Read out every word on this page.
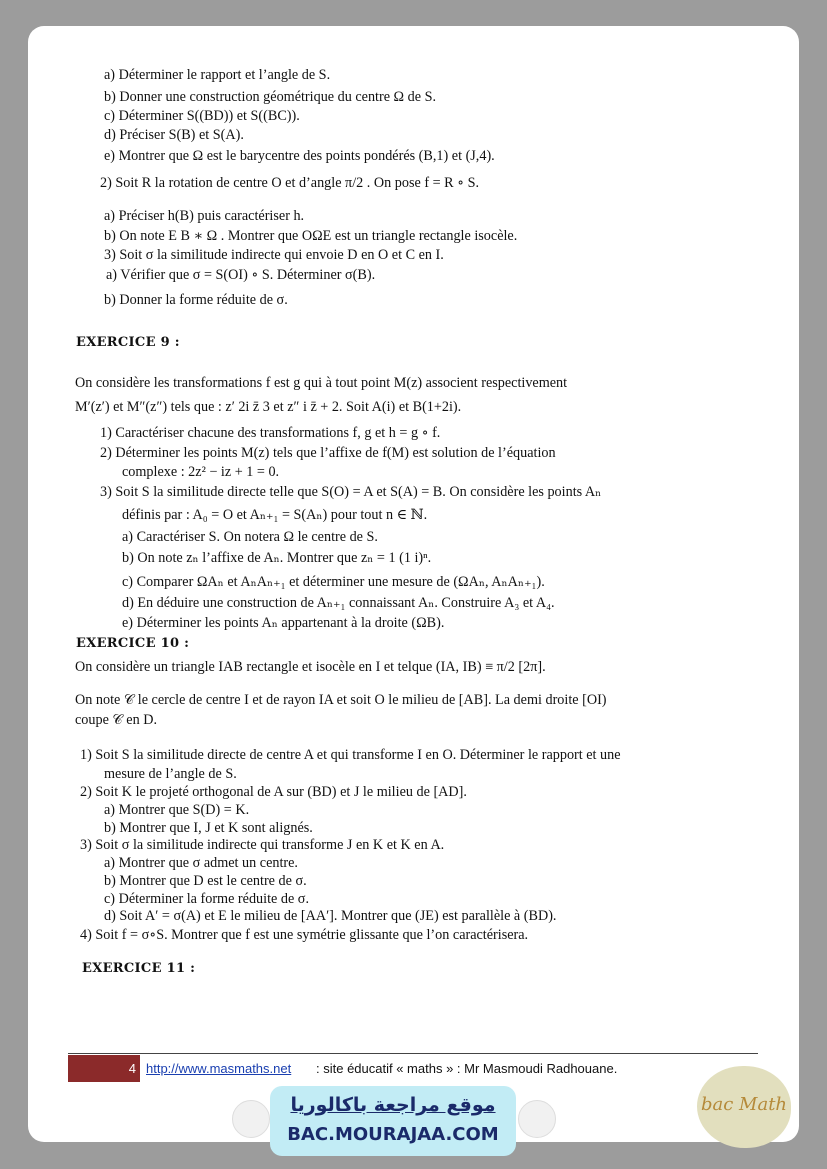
a) Déterminer le rapport et l’angle de S.
b) Donner une construction géométrique du centre Ω de S.
c) Déterminer S((BD)) et S((BC)).
d) Préciser S(B) et S(A).
e) Montrer que Ω est le barycentre des points pondérés (B,1) et (J,4).
2) Soit R la rotation de centre O et d’angle π/2 . On pose f = R ∘ S.
a) Préciser h(B) puis caractériser h.
b) On note E B ∗ Ω . Montrer que OΩE est un triangle rectangle isocèle.
3) Soit σ la similitude indirecte qui envoie D en O et C en I.
a) Vérifier que σ = S(OI) ∘ S. Déterminer σ(B).
b) Donner la forme réduite de σ.
On considère les transformations f est g qui à tout point M(z) associent respectivement
M′(z′) et M″(z″) tels que : z′ 2i z̄ 3 et z″ i z̄ + 2. Soit A(i) et B(1+2i).
1) Caractériser chacune des transformations f, g et h = g ∘ f.
2) Déterminer les points M(z) tels que l’affixe de f(M) est solution de l’équation
complexe : 2z² − iz + 1 = 0.
3) Soit S la similitude directe telle que S(O) = A et S(A) = B. On considère les points Aₙ
définis par : A₀ = O et Aₙ₊₁ = S(Aₙ) pour tout n ∈ ℕ.
a) Caractériser S. On notera Ω le centre de S.
b) On note zₙ l’affixe de Aₙ. Montrer que zₙ = 1 (1 i)ⁿ.
c) Comparer ΩAₙ et AₙAₙ₊₁ et déterminer une mesure de (ΩAₙ, AₙAₙ₊₁).
d) En déduire une construction de Aₙ₊₁ connaissant Aₙ. Construire A₃ et A₄.
e) Déterminer les points Aₙ appartenant à la droite (ΩB).
On considère un triangle IAB rectangle et isocèle en I et telque (IA, IB) ≡ π/2 [2π].
On note 𝒞 le cercle de centre I et de rayon IA et soit O le milieu de [AB]. La demi droite [OI)
coupe 𝒞 en D.
1) Soit S la similitude directe de centre A et qui transforme I en O. Déterminer le rapport et une
mesure de l’angle de S.
2) Soit K le projeté orthogonal de A sur (BD) et J le milieu de [AD].
a) Montrer que S(D) = K.
b) Montrer que I, J et K sont alignés.
3) Soit σ la similitude indirecte qui transforme J en K et K en A.
a) Montrer que σ admet un centre.
b) Montrer que D est le centre de σ.
c) Déterminer la forme réduite de σ.
d) Soit A′ = σ(A) et E le milieu de [AA′]. Montrer que (JE) est parallèle à (BD).
4) Soit f = σ∘S. Montrer que f est une symétrie glissante que l’on caractérisera.
EXERCICE 9 :
EXERCICE 10 :
EXERCICE 11 :
4 http://www.masmaths.net : site éducatif « maths » : Mr Masmoudi Radhouane.
موقع مراجعة باكالوريا
BAC.MOURAJAA.COM
bac Math
